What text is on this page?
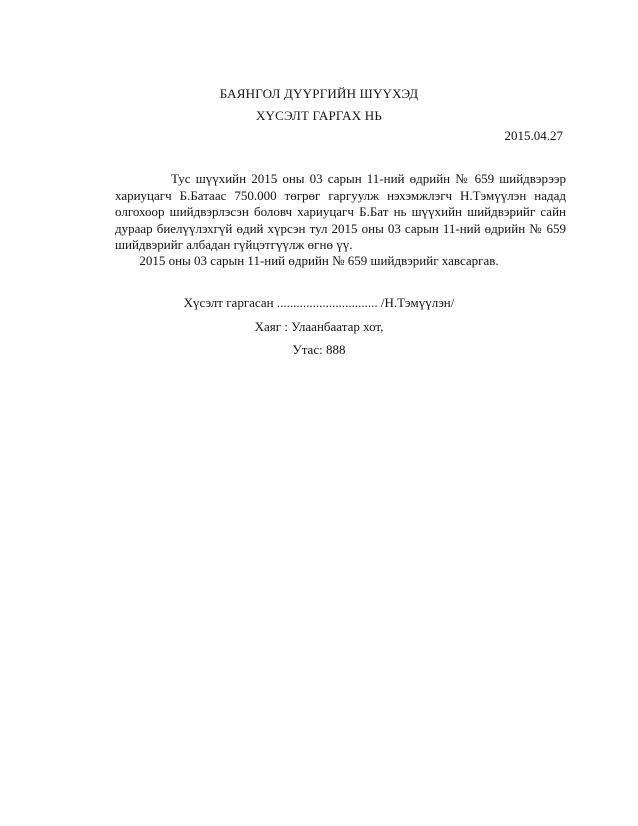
БАЯНГОЛ ДҮҮРГИЙН ШҮҮХЭД
ХҮСЭЛТ ГАРГАХ НЬ
2015.04.27

Тус шүүхийн 2015 оны 03 сарын 11-ний өдрийн № 659 шийдвэрээр хариуцагч Б.Батаас 750.000 төгрөг гаргуулж нэхэмжлэгч Н.Тэмүүлэн надад олгохоор шийдвэрлэсэн боловч хариуцагч Б.Бат нь шүүхийн шийдвэрийг сайн дураар биелүүлэхгүй өдий хүрсэн тул 2015 оны 03 сарын 11-ний өдрийн № 659 шийдвэрийг албадан гүйцэтгүүлж өгнө үү.

2015 оны 03 сарын 11-ний өдрийн № 659 шийдвэрийг хавсаргав.
Хүсэлт гаргасан ............................... /Н.Тэмүүлэн/
Хаяг : Улаанбаатар хот,
Утас: 888
